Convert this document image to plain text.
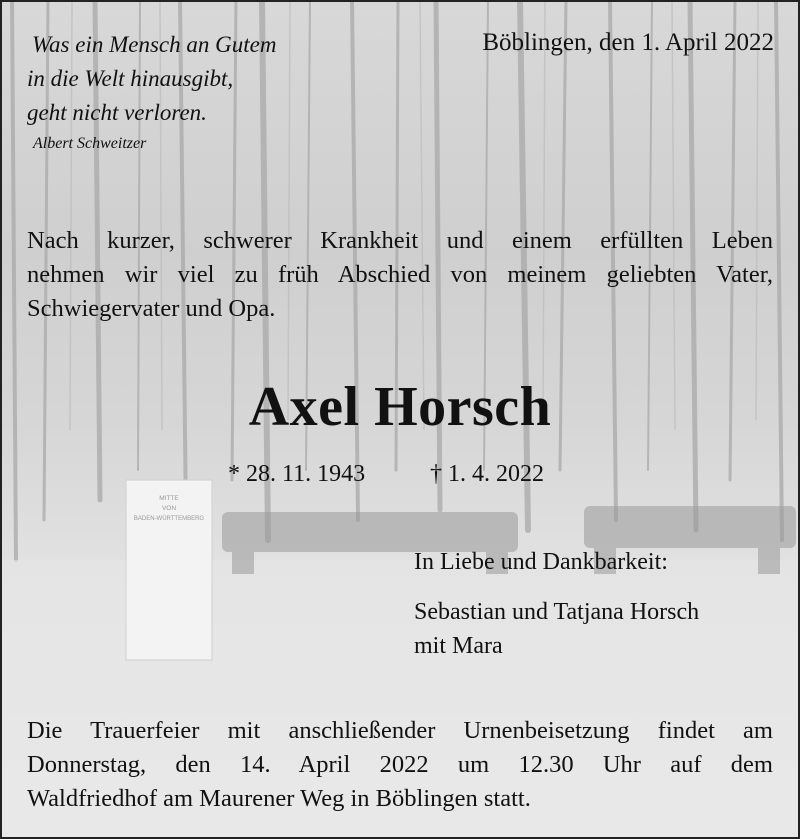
MITTE
VON
BADEN-WÜRTTEMBERG
Was ein Mensch an Gutem
in die Welt hinausgibt,
geht nicht verloren.
Albert Schweitzer
Böblingen, den 1. April 2022
Nach kurzer, schwerer Krankheit und einem erfüllten Leben
nehmen wir viel zu früh Abschied von meinem geliebten Vater,
Schwiegervater und Opa.
Axel Horsch
* 28. 11. 1943	† 1. 4. 2022
In Liebe und Dankbarkeit:
Sebastian und Tatjana Horsch
mit Mara
Die Trauerfeier mit anschließender Urnenbeisetzung findet am
Donnerstag, den 14. April 2022 um 12.30 Uhr auf dem
Waldfriedhof am Maurener Weg in Böblingen statt.
